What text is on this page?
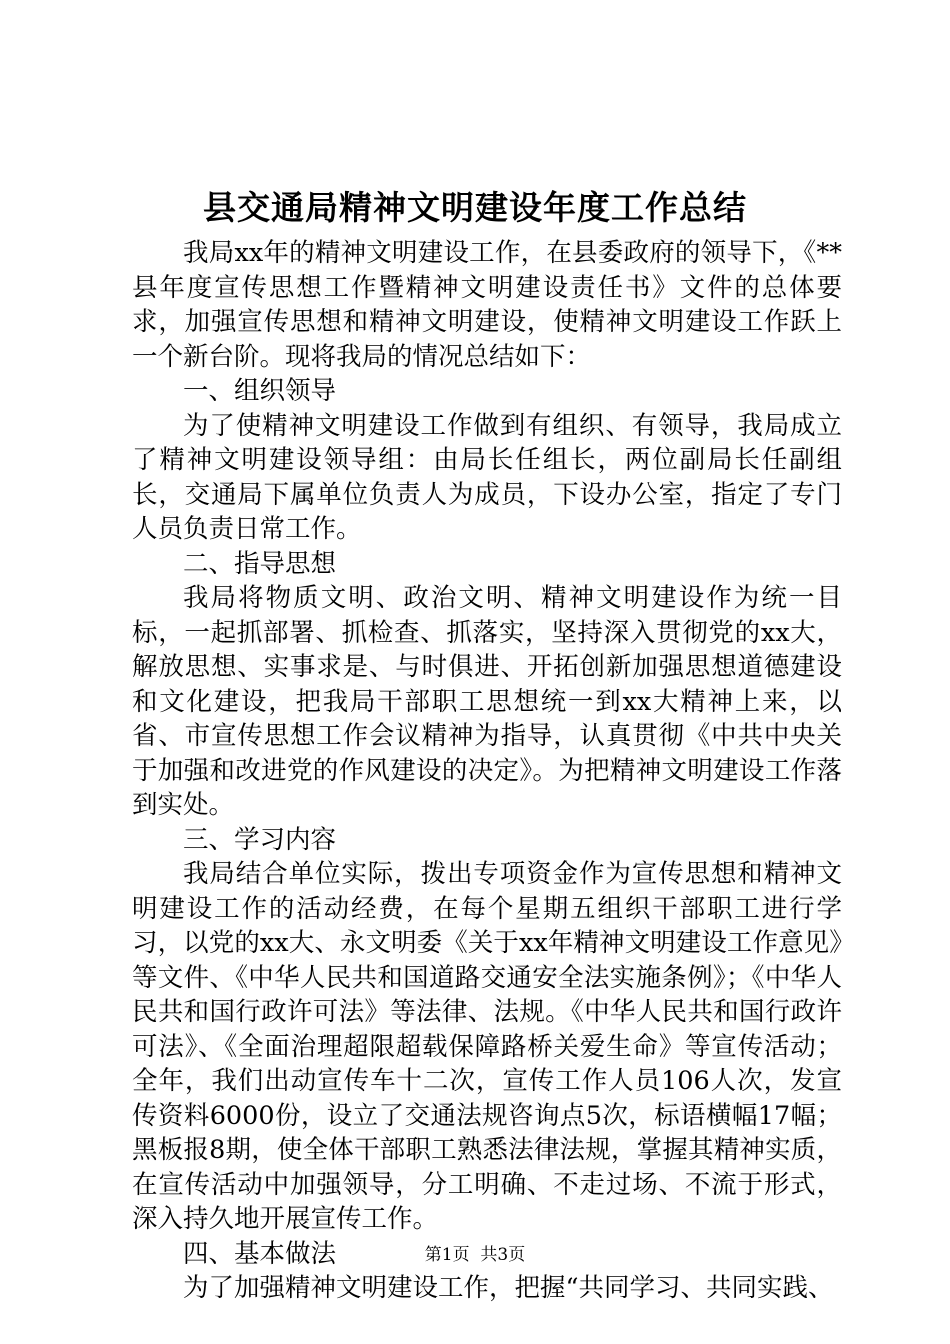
县交通局精神文明建设年度工作总结

我局xx年的精神文明建设工作，在县委政府的领导下，《**县年度宣传思想工作暨精神文明建设责任书》文件的总体要求，加强宣传思想和精神文明建设，使精神文明建设工作跃上一个新台阶。现将我局的情况总结如下：

一、组织领导

为了使精神文明建设工作做到有组织、有领导，我局成立了精神文明建设领导组：由局长任组长，两位副局长任副组长，交通局下属单位负责人为成员，下设办公室，指定了专门人员负责日常工作。

二、指导思想

我局将物质文明、政治文明、精神文明建设作为统一目标，一起抓部署、抓检查、抓落实，坚持深入贯彻党的xx大，解放思想、实事求是、与时俱进、开拓创新加强思想道德建设和文化建设，把我局干部职工思想统一到xx大精神上来，以省、市宣传思想工作会议精神为指导，认真贯彻《中共中央关于加强和改进党的作风建设的决定》。为把精神文明建设工作落到实处。

三、学习内容

我局结合单位实际，拨出专项资金作为宣传思想和精神文明建设工作的活动经费，在每个星期五组织干部职工进行学习，以党的xx大、永文明委《关于xx年精神文明建设工作意见》等文件、《中华人民共和国道路交通安全法实施条例》；《中华人民共和国行政许可法》等法律、法规。《中华人民共和国行政许可法》、《全面治理超限超载保障路桥关爱生命》等宣传活动；全年，我们出动宣传车十二次，宣传工作人员106人次，发宣传资料6000份，设立了交通法规咨询点5次，标语横幅17幅；黑板报8期，使全体干部职工熟悉法律法规，掌握其精神实质，在宣传活动中加强领导，分工明确、不走过场、不流于形式，深入持久地开展宣传工作。

四、基本做法

为了加强精神文明建设工作，把握“共同学习、共同实践、

第1页  共3页
